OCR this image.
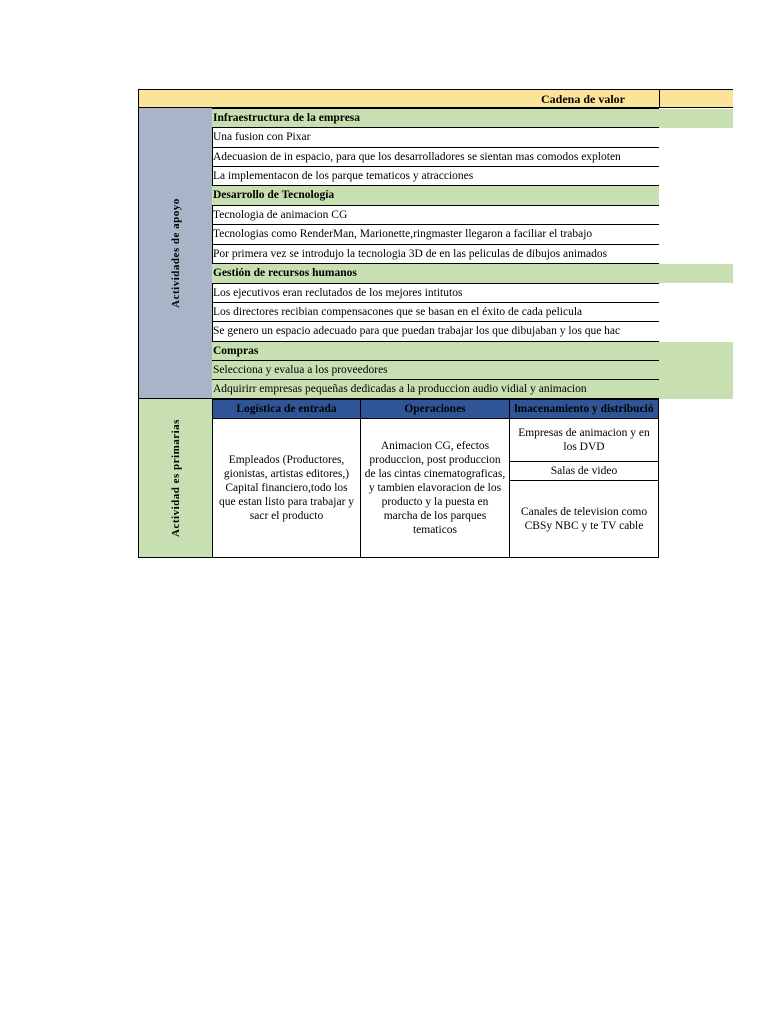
Cadena de valor
Actividades de apoyo
Infraestructura de la empresa
Una fusion con Pixar
Adecuasion de in espacio, para que los desarrolladores se sientan mas comodos exploten
La implementacon de los parque tematicos y atracciones
Desarrollo de Tecnología
Tecnologia de animacion CG
Tecnologias como RenderMan, Marionette,ringmaster llegaron a faciliar el trabajo
Por primera vez se introdujo la tecnologia 3D de en las peliculas de dibujos animados
Gestión de recursos humanos
Los ejecutivos eran reclutados de los mejores intitutos
Los directores recibian compensacones que se basan en el éxito de cada pelicula
Se genero un espacio adecuado para que puedan trabajar los que dibujaban y los que hac
Compras
Selecciona y evalua a los proveedores
Adquirirr empresas pequeñas dedicadas a la produccion audio vidial y animacion
Actividad es primarias
Logística de entrada	Operaciones	lmacenamiento y distribució
Empleados (Productores, gionistas, artistas editores,) Capital financiero,todo los que estan listo para trabajar y sacr el producto
Animacion CG, efectos produccion, post produccion de las cintas cinematograficas, y tambien elavoracion de los producto y la puesta en marcha de los parques tematicos
Empresas de animacion y en los DVD
Salas de video
Canales de television como CBSy NBC y te TV cable
